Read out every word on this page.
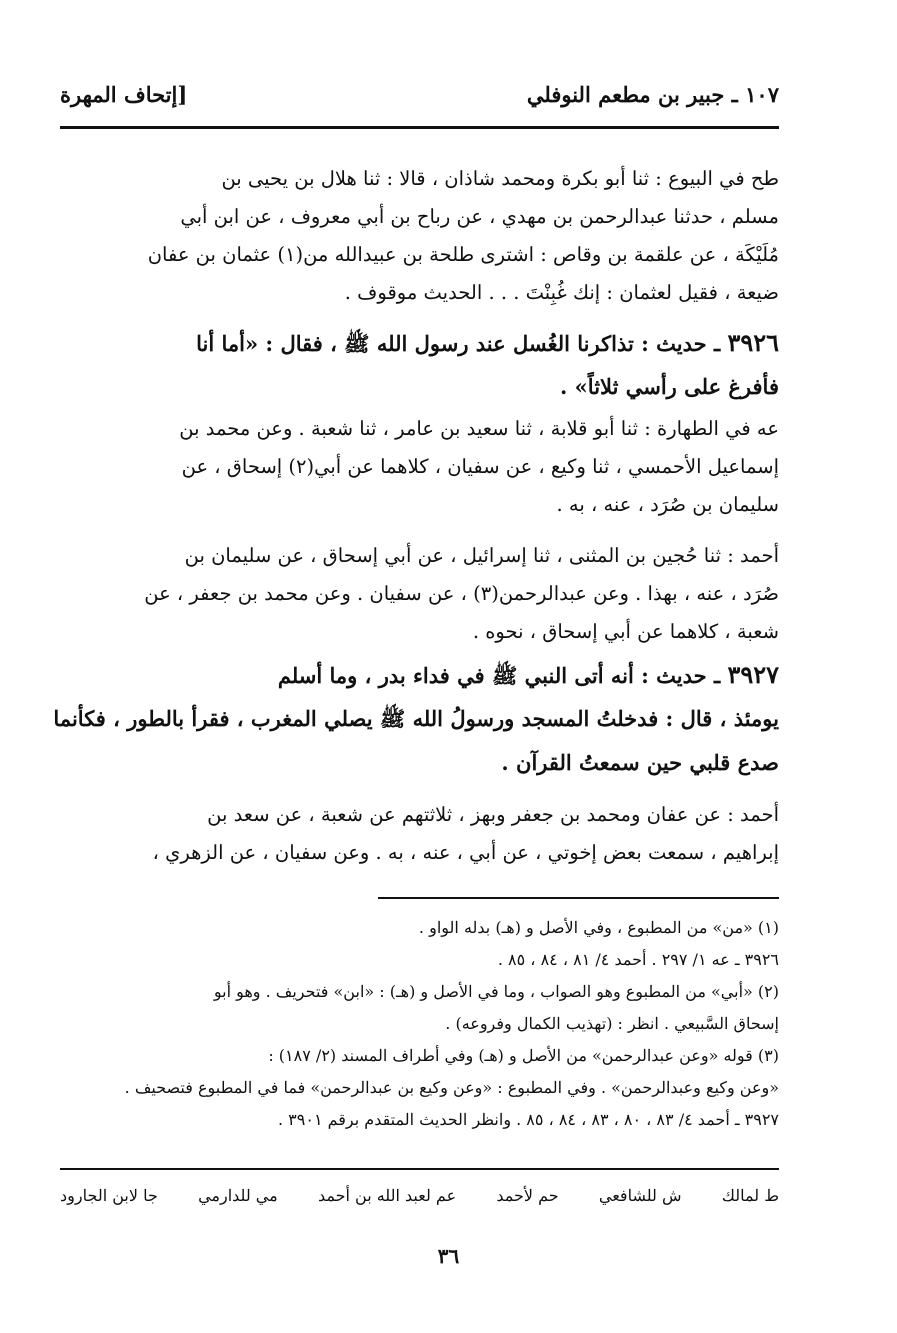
١٠٧ ـ جبير بن مطعم النوفلي
[إتحاف المهرة
طح في البيوع : ثنا أبو بكرة ومحمد شاذان ، قالا : ثنا هلال بن يحيى بن
مسلم ، حدثنا عبدالرحمن بن مهدي ، عن رباح بن أبي معروف ، عن ابن أبي
مُلَيْكَة ، عن علقمة بن وقاص : اشترى طلحة بن عبيدالله من(١) عثمان بن عفان
ضيعة ، فقيل لعثمان : إنك غُبِنْتَ . . . الحديث موقوف .
٣٩٢٦ ـ حديث : تذاكرنا الغُسل عند رسول الله ﷺ ، فقال : «أما أنا
فأفرغ على رأسي ثلاثاً» .
عه في الطهارة : ثنا أبو قلابة ، ثنا سعيد بن عامر ، ثنا شعبة . وعن محمد بن
إسماعيل الأحمسي ، ثنا وكيع ، عن سفيان ، كلاهما عن أبي(٢) إسحاق ، عن
سليمان بن صُرَد ، عنه ، به .
أحمد : ثنا حُجين بن المثنى ، ثنا إسرائيل ، عن أبي إسحاق ، عن سليمان بن
صُرَد ، عنه ، بهذا . وعن عبدالرحمن(٣) ، عن سفيان . وعن محمد بن جعفر ، عن
شعبة ، كلاهما عن أبي إسحاق ، نحوه .
٣٩٢٧ ـ حديث : أنه أتى النبي ﷺ في فداء بدر ، وما أسلم
يومئذ ، قال : فدخلتُ المسجد ورسولُ الله ﷺ يصلي المغرب ، فقرأ بالطور ، فكأنما
صدع قلبي حين سمعتُ القرآن .
أحمد : عن عفان ومحمد بن جعفر وبهز ، ثلاثتهم عن شعبة ، عن سعد بن
إبراهيم ، سمعت بعض إخوتي ، عن أبي ، عنه ، به . وعن سفيان ، عن الزهري ،
(١) «من» من المطبوع ، وفي الأصل و (هـ) بدله الواو .
٣٩٢٦ ـ عه ١/ ٢٩٧ . أحمد ٤/ ٨١ ، ٨٤ ، ٨٥ .
(٢) «أبي» من المطبوع وهو الصواب ، وما في الأصل و (هـ) : «ابن» فتحريف . وهو أبو
إسحاق السَّبيعي . انظر : (تهذيب الكمال وفروعه) .
(٣) قوله «وعن عبدالرحمن» من الأصل و (هـ) وفي أطراف المسند (٢/ ١٨٧) :
«وعن وكيع وعبدالرحمن» . وفي المطبوع : «وعن وكيع بن عبدالرحمن» فما في المطبوع فتصحيف .
٣٩٢٧ ـ أحمد ٤/ ٨٣ ، ٨٠ ، ٨٣ ، ٨٤ ، ٨٥ . وانظر الحديث المتقدم برقم ٣٩٠١ .
ط لمالك
ش للشافعي
حم لأحمد
عم لعبد الله بن أحمد
مي للدارمي
جا لابن الجارود
٣٦
